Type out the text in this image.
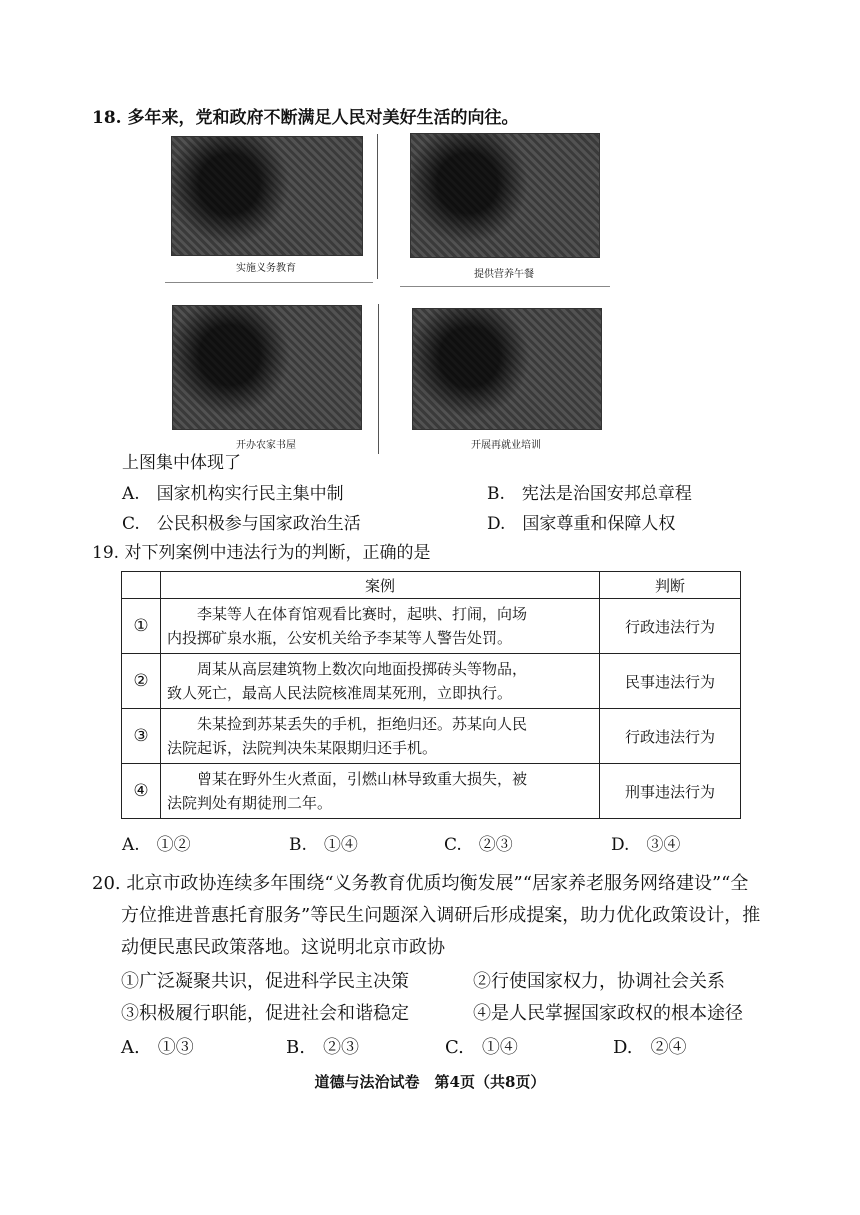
18. 多年来，党和政府不断满足人民对美好生活的向往。
实施义务教育
提供营养午餐
开办农家书屋	开展再就业培训
上图集中体现了
A.　国家机构实行民主集中制	B.　宪法是治国安邦总章程
C.　公民积极参与国家政治生活	D.　国家尊重和保障人权
19. 对下列案例中违法行为的判断，正确的是
	案例	判断
①	李某等人在体育馆观看比赛时，起哄、打闹，向场
内投掷矿泉水瓶，公安机关给予李某等人警告处罚。	行政违法行为
②	周某从高层建筑物上数次向地面投掷砖头等物品，
致人死亡，最高人民法院核准周某死刑，立即执行。	民事违法行为
③	朱某捡到苏某丢失的手机，拒绝归还。苏某向人民
法院起诉，法院判决朱某限期归还手机。	行政违法行为
④	曾某在野外生火煮面，引燃山林导致重大损失，被
法院判处有期徒刑二年。	刑事违法行为
A.　①②	B.　①④	C.　②③	D.　③④
20. 北京市政协连续多年围绕“义务教育优质均衡发展”“居家养老服务网络建设”“全
方位推进普惠托育服务”等民生问题深入调研后形成提案，助力优化政策设计，推
动便民惠民政策落地。这说明北京市政协
①广泛凝聚共识，促进科学民主决策	②行使国家权力，协调社会关系
③积极履行职能，促进社会和谐稳定	④是人民掌握国家政权的根本途径
A.　①③	B.　②③	C.　①④	D.　②④
道德与法治试卷　第4页（共8页）
